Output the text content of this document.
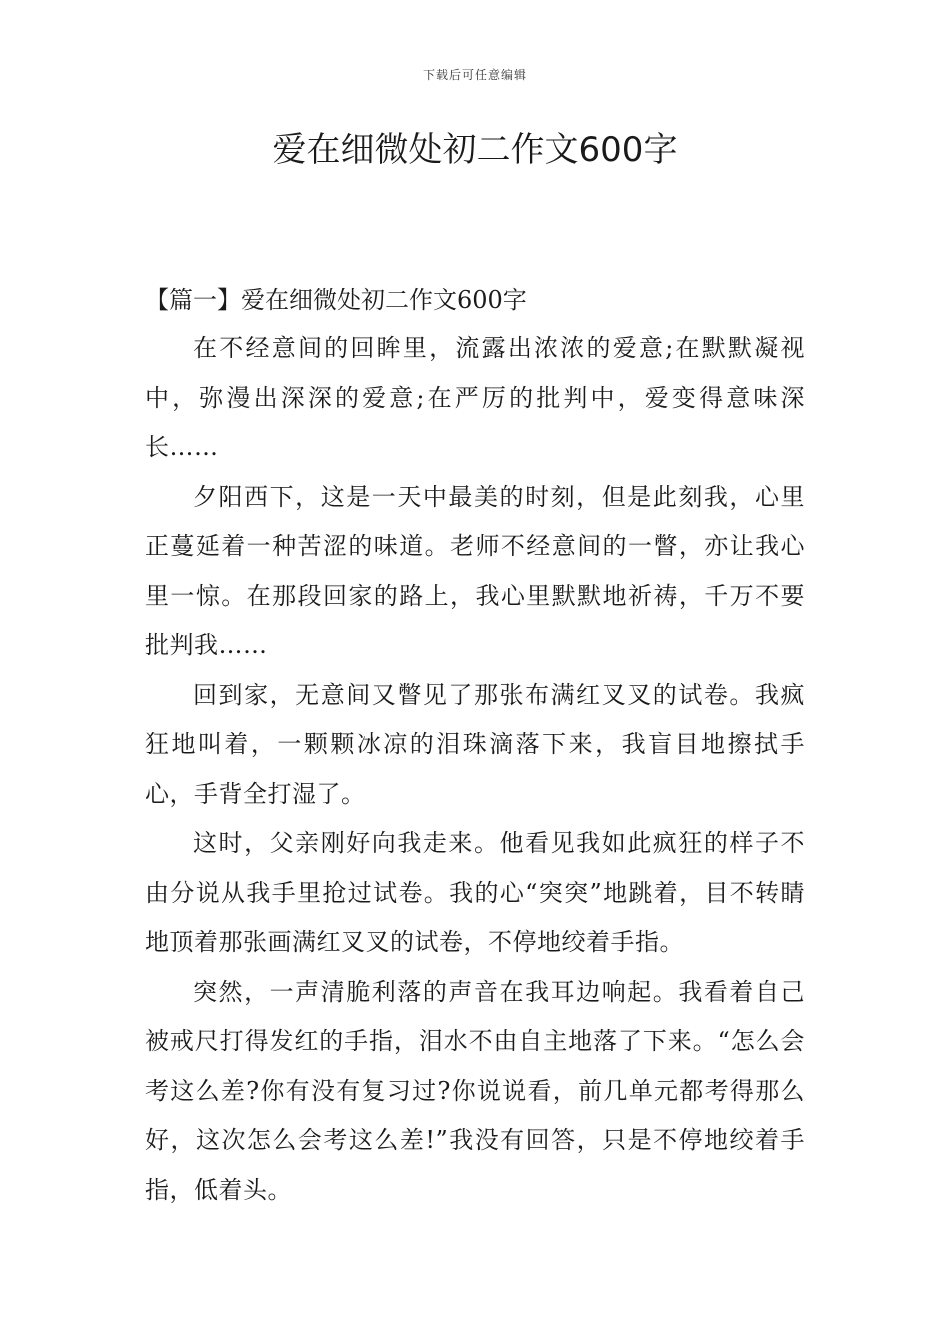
下载后可任意编辑
爱在细微处初二作文600字

【篇一】爱在细微处初二作文600字

在不经意间的回眸里，流露出浓浓的爱意;在默默凝视中，弥漫出深深的爱意;在严厉的批判中，爱变得意味深长……

夕阳西下，这是一天中最美的时刻，但是此刻我，心里正蔓延着一种苦涩的味道。老师不经意间的一瞥，亦让我心里一惊。在那段回家的路上，我心里默默地祈祷，千万不要批判我……

回到家，无意间又瞥见了那张布满红叉叉的试卷。我疯狂地叫着，一颗颗冰凉的泪珠滴落下来，我盲目地擦拭手心，手背全打湿了。

这时，父亲刚好向我走来。他看见我如此疯狂的样子不由分说从我手里抢过试卷。我的心“突突”地跳着，目不转睛地顶着那张画满红叉叉的试卷，不停地绞着手指。

突然，一声清脆利落的声音在我耳边响起。我看着自己被戒尺打得发红的手指，泪水不由自主地落了下来。“怎么会考这么差?你有没有复习过?你说说看，前几单元都考得那么好，这次怎么会考这么差!”我没有回答，只是不停地绞着手指，低着头。
